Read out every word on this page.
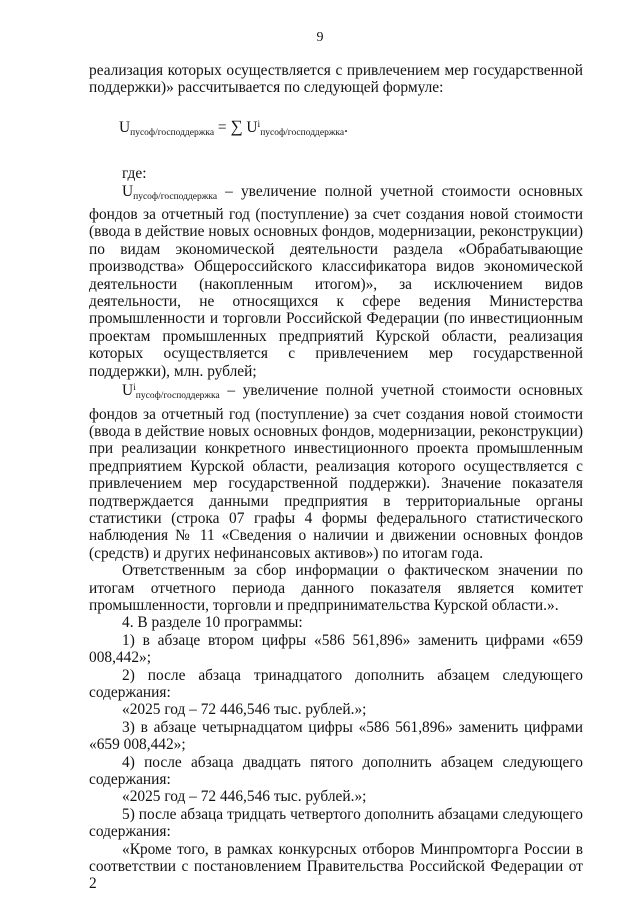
9

реализация которых осуществляется с привлечением мер государственной поддержки)» рассчитывается по следующей формуле:

$U_{пусоф/господдержка}$ = ∑ $U^i_{пусоф/господдержка}$.

где:

$U_{пусоф/господдержка}$ – увеличение полной учетной стоимости основных фондов за отчетный год (поступление) за счет создания новой стоимости (ввода в действие новых основных фондов, модернизации, реконструкции) по видам экономической деятельности раздела «Обрабатывающие производства» Общероссийского классификатора видов экономической деятельности (накопленным итогом)», за исключением видов деятельности, не относящихся к сфере ведения Министерства промышленности и торговли Российской Федерации (по инвестиционным проектам промышленных предприятий Курской области, реализация которых осуществляется с привлечением мер государственной поддержки), млн. рублей;

$U^i_{пусоф/господдержка}$ – увеличение полной учетной стоимости основных фондов за отчетный год (поступление) за счет создания новой стоимости (ввода в действие новых основных фондов, модернизации, реконструкции) при реализации конкретного инвестиционного проекта промышленным предприятием Курской области, реализация которого осуществляется с привлечением мер государственной поддержки). Значение показателя подтверждается данными предприятия в территориальные органы статистики (строка 07 графы 4 формы федерального статистического наблюдения № 11 «Сведения о наличии и движении основных фондов (средств) и других нефинансовых активов») по итогам года.

Ответственным за сбор информации о фактическом значении по итогам отчетного периода данного показателя является комитет промышленности, торговли и предпринимательства Курской области.».

4. В разделе 10 программы:

1) в абзаце втором цифры «586 561,896» заменить цифрами «659 008,442»;

2) после абзаца тринадцатого дополнить абзацем следующего содержания:

«2025 год – 72 446,546 тыс. рублей.»;

3) в абзаце четырнадцатом цифры «586 561,896» заменить цифрами «659 008,442»;

4) после абзаца двадцать пятого дополнить абзацем следующего содержания:

«2025 год – 72 446,546 тыс. рублей.»;

5) после абзаца тридцать четвертого дополнить абзацами следующего содержания:

«Кроме того, в рамках конкурсных отборов Минпромторга России в соответствии с постановлением Правительства Российской Федерации от 2
